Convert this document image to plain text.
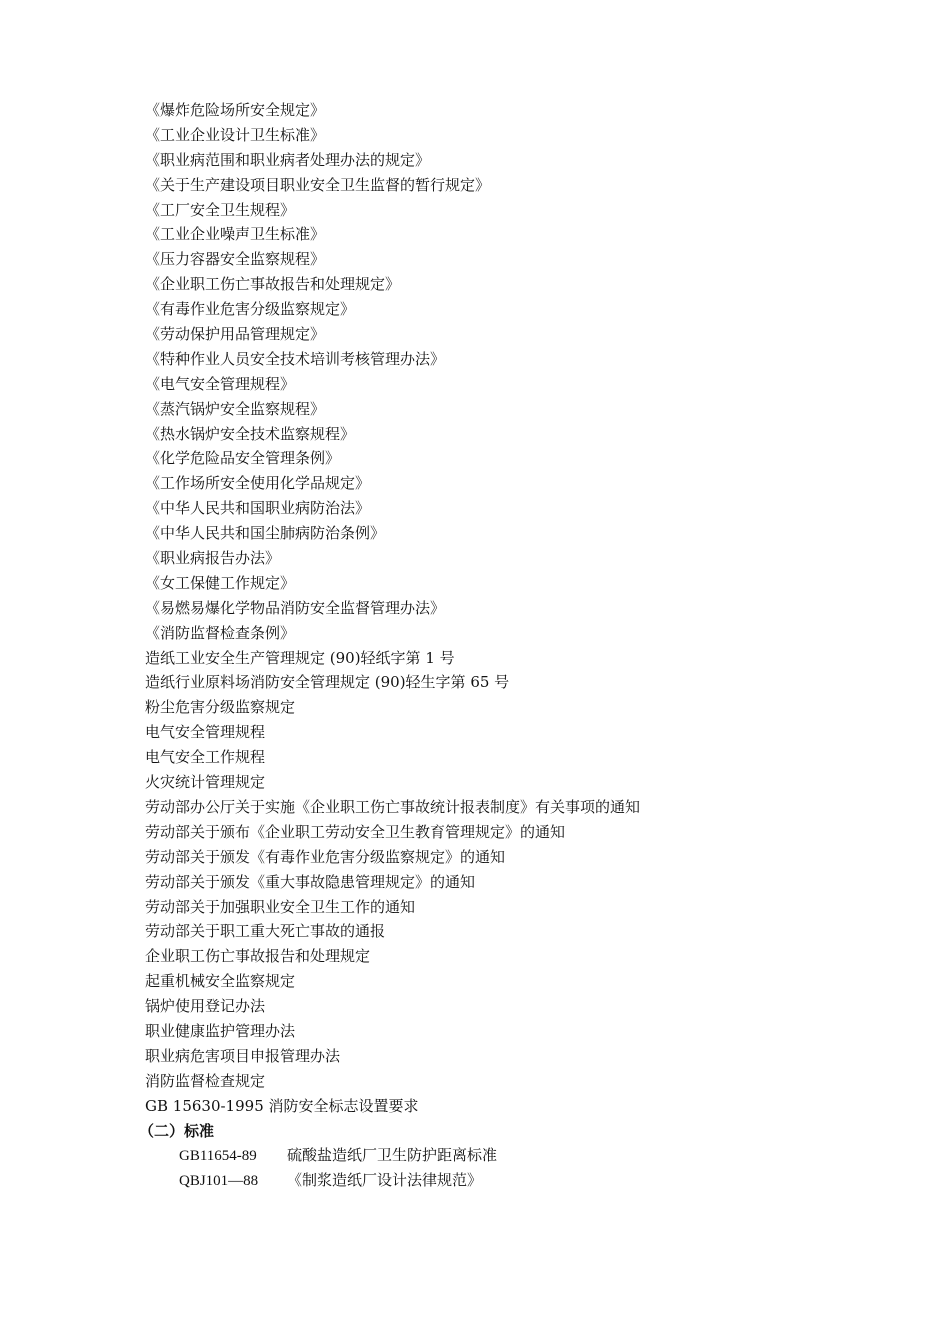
《爆炸危险场所安全规定》
《工业企业设计卫生标准》
《职业病范围和职业病者处理办法的规定》
《关于生产建设项目职业安全卫生监督的暂行规定》
《工厂安全卫生规程》
《工业企业噪声卫生标准》
《压力容器安全监察规程》
《企业职工伤亡事故报告和处理规定》
《有毒作业危害分级监察规定》
《劳动保护用品管理规定》
《特种作业人员安全技术培训考核管理办法》
《电气安全管理规程》
《蒸汽锅炉安全监察规程》
《热水锅炉安全技术监察规程》
《化学危险品安全管理条例》
《工作场所安全使用化学品规定》
《中华人民共和国职业病防治法》
《中华人民共和国尘肺病防治条例》
《职业病报告办法》
《女工保健工作规定》
《易燃易爆化学物品消防安全监督管理办法》
《消防监督检查条例》
造纸工业安全生产管理规定 (90)轻纸字第 1 号
造纸行业原料场消防安全管理规定 (90)轻生字第 65 号
粉尘危害分级监察规定
电气安全管理规程
电气安全工作规程
火灾统计管理规定
劳动部办公厅关于实施《企业职工伤亡事故统计报表制度》有关事项的通知
劳动部关于颁布《企业职工劳动安全卫生教育管理规定》的通知
劳动部关于颁发《有毒作业危害分级监察规定》的通知
劳动部关于颁发《重大事故隐患管理规定》的通知
劳动部关于加强职业安全卫生工作的通知
劳动部关于职工重大死亡事故的通报
企业职工伤亡事故报告和处理规定
起重机械安全监察规定
锅炉使用登记办法
职业健康监护管理办法
职业病危害项目申报管理办法
消防监督检查规定
GB 15630-1995 消防安全标志设置要求
（二）标准
GB11654-89 硫酸盐造纸厂卫生防护距离标准
QBJ101—88 《制浆造纸厂设计法律规范》
